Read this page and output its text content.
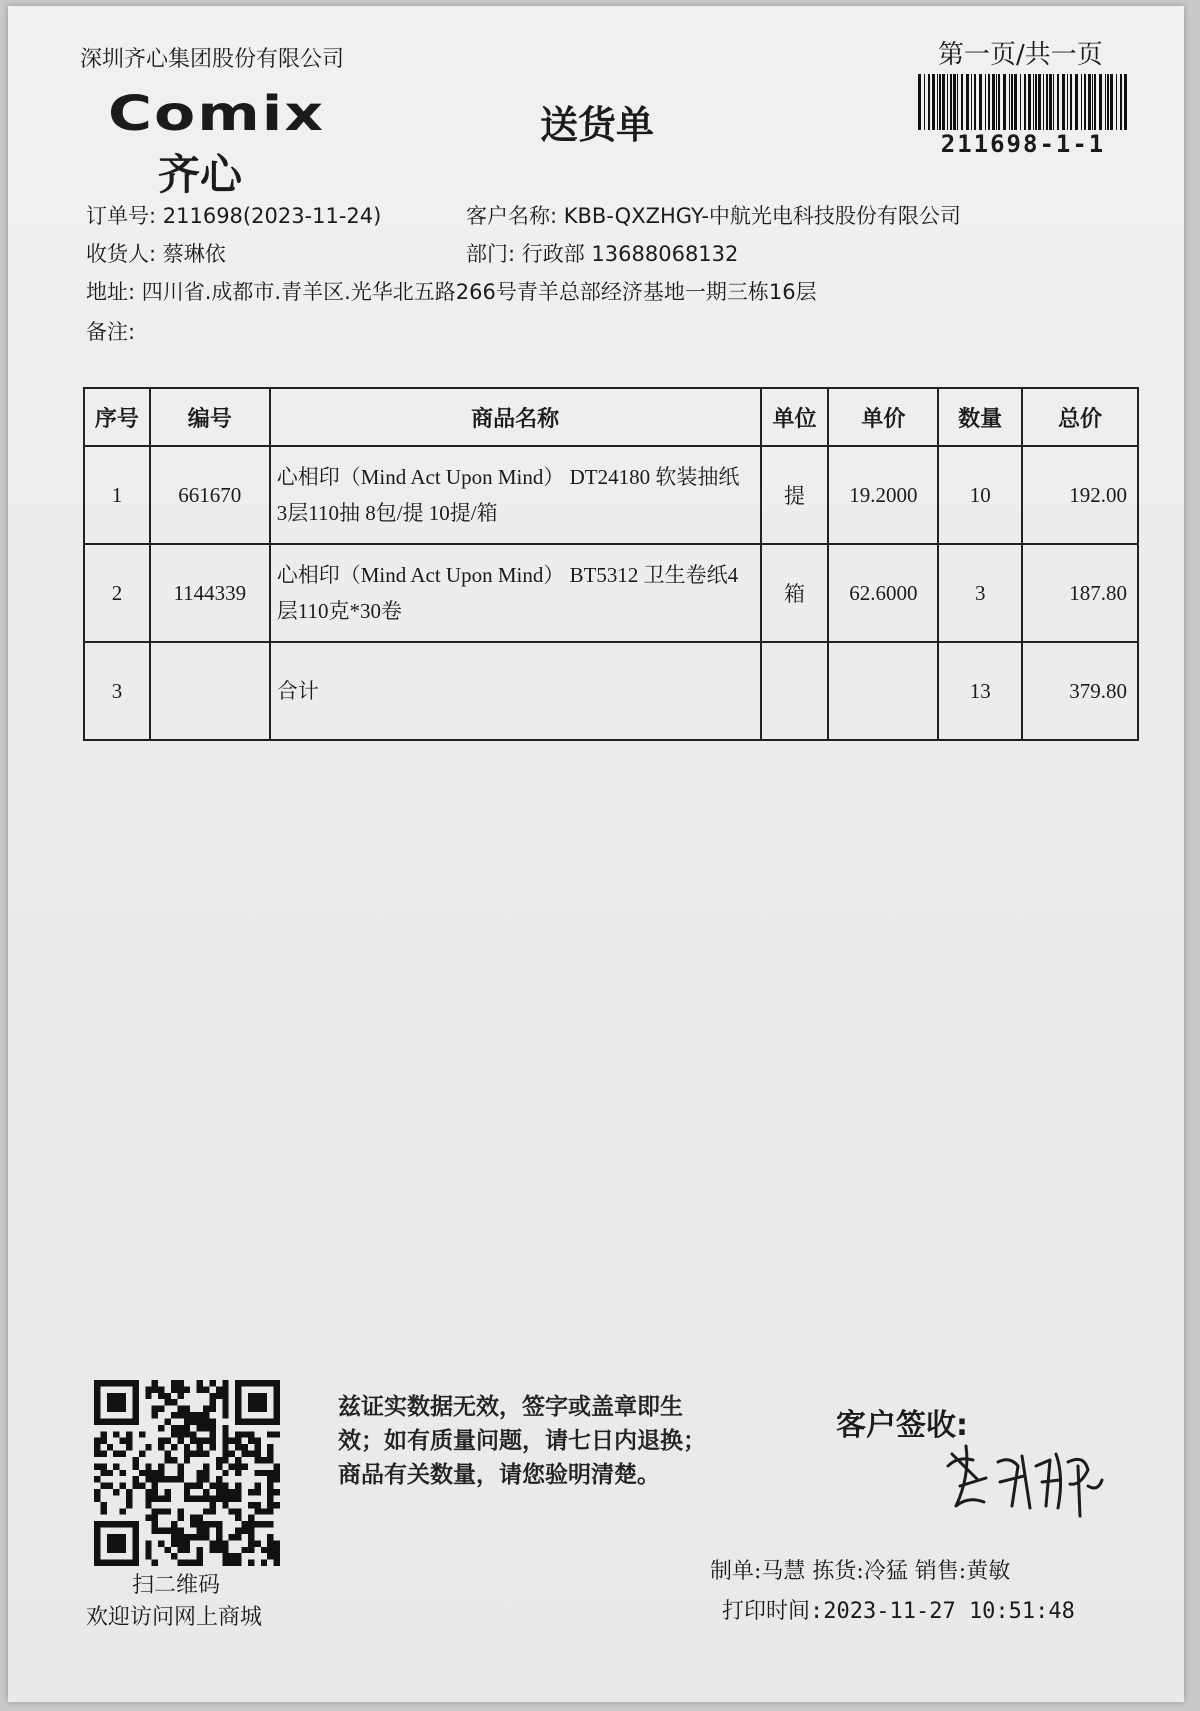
深圳齐心集团股份有限公司	第一页/共一页
211698-1-1
Comix
齐心
送货单
订单号: 211698(2023-11-24)	客户名称: KBB-QXZHGY-中航光电科技股份有限公司
收货人: 蔡琳依	部门: 行政部 13688068132
地址: 四川省.成都市.青羊区.光华北五路266号青羊总部经济基地一期三栋16层
备注:
序号	编号	商品名称	单位	单价	数量	总价
1	661670	心相印（Mind Act Upon Mind） DT24180 软装抽纸 3层110抽 8包/提 10提/箱	提	19.2000	10	192.00
2	1144339	心相印（Mind Act Upon Mind） BT5312 卫生卷纸4层110克*30卷	箱	62.6000	3	187.80
3		合计			13	379.80
扫二维码
欢迎访问网上商城
兹证实数据无效，签字或盖章即生
效；如有质量问题，请七日内退换；
商品有关数量，请您验明清楚。
客户签收:
制单:马慧 拣货:冷猛 销售:黄敏
打印时间:2023-11-27 10:51:48
